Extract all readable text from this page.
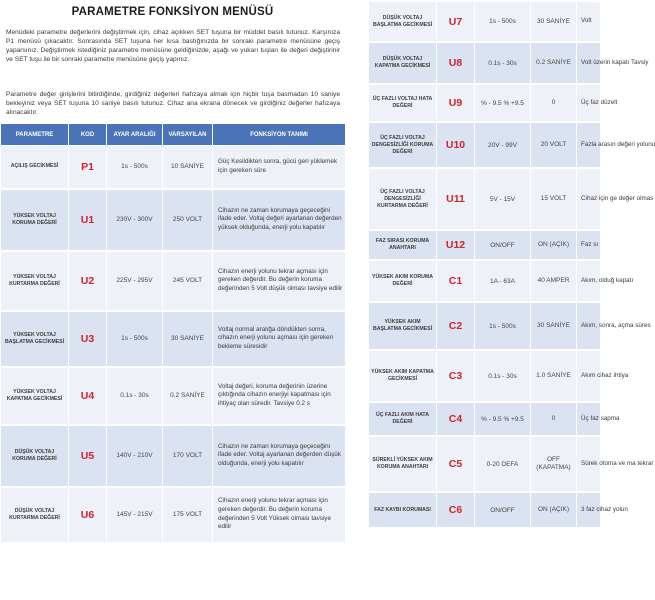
PARAMETRE FONKSİYON MENÜSÜ
Menüdeki parametre değerlerini değiştirmek için, cihaz açıkken SET tuşuna bir müddet basılı tutunuz. Karşınıza P1 menüsü çıkacaktır. Sonrasında SET tuşuna her kısa bastığınızda bir sonraki parametre menüsüne geçiş yaparsınız. Değiştirmek istediğiniz parametre menüsüne geldiğinizde, aşağı ve yukarı tuşları ile değeri değiştirinir ve SET tuşu ile bir sonraki parametre menüsüne geçiş yapınız.
Parametre değer girişlerini bitirdiğinde, girdiğiniz değerleri hafızaya almak için hiçbir tuşa basmadan 10 saniye bekleyiniz veya SET tuşuna 10 saniye basılı tutunuz. Cihaz ana ekrana dönecek ve girdiğiniz değerler hafızaya alınacaktır.
PARAMETRE	KOD	AYAR ARALIĞI	VARSAYILAN	FONKSİYON TANIMI
AÇILIŞ GECİKMESİ	P1	1s - 500s	10 SANİYE	Güç Kesildikten sonra, gücü geri yüklemek için gereken süre
YÜKSEK VOLTAJ KORUMA DEĞERİ	U1	230V - 300V	250 VOLT	Cihazın ne zaman korumaya geçeceğini ifade eder. Voltaj değeri ayarlanan değerden yüksek olduğunda, enerji yolu kapatılır
YÜKSEK VOLTAJ KURTARMA DEĞERİ	U2	225V - 295V	245 VOLT	Cihazın enerji yolunu tekrar açması için gereken değerdir. Bu değerin koruma değerinden 5 Volt düşük olması tavsiye edilir
YÜKSEK VOLTAJ BAŞLATMA GECİKMESİ	U3	1s - 500s	30 SANİYE	Voltaj normal aralığa döndükten sonra, cihazın enerji yolunu açması için gereken bekleme süresidir
YÜKSEK VOLTAJ KAPATMA GECİKMESİ	U4	0.1s - 30s	0.2 SANİYE	Voltaj değeri, koruma değerinin üzerine çıktığında cihazın enerjiyi kapatması için ihtiyaç olan süredir. Tavsiye 0.2 s
DÜŞÜK VOLTAJ KORUMA DEĞERİ	U5	140V - 210V	170 VOLT	Cihazın ne zaman korumaya geçeceğini ifade eder. Voltaj ayarlanan değerden düşük olduğunda, enerji yolu kapatılır
DÜŞÜK VOLTAJ KURTARMA DEĞERİ	U6	145V - 215V	175 VOLT	Cihazın enerji yolunu tekrar açması için gereken değerdir. Bu değerin koruma değerinden 5 Volt Yüksek olması tavsiye edilir
DÜŞÜK VOLTAJ BAŞLATMA GECİKMESİ	U7	1s - 500s	30 SANİYE	Volt
DÜŞÜK VOLTAJ KAPATMA GECİKMESİ	U8	0.1s - 30s	0.2 SANİYE	Volt üzerin kapatı Tavsiy
ÜÇ FAZLI VOLTAJ HATA DEĞERİ	U9	% - 9.5 % +9.5	0	Üç faz düzelt
ÜÇ FAZLI VOLTAJ DENGESİZLİĞİ KORUMA DEĞERİ	U10	20V - 99V	20 VOLT	Fazla arasın değeri yolunu
ÜÇ FAZLI VOLTAJ DENGESİZLİĞİ KURTARMA DEĞERİ	U11	5V - 15V	15 VOLT	Cihaz için ge değer olmas
FAZ SIRASI KORUMA ANAHTARI	U12	ON/OFF	ON (AÇIK)	Faz sı
YÜKSEK AKIM KORUMA DEĞERİ	C1	1A - 63A	40 AMPER	Akım, olduğ kapatı
YÜKSEK AKIM BAŞLATMA GECİKMESİ	C2	1s - 500s	30 SANİYE	Akım, sonra, açma süres
YÜKSEK AKIM KAPATMA GECİKMESİ	C3	0.1s - 30s	1.0 SANİYE	Akım cihaz ihtiya
ÜÇ FAZLI AKIM HATA DEĞERİ	C4	% - 9.5 % +9.5	0	Üç faz sapma
SÜREKLİ YÜKSEK AKIM KORUMA ANAHTARI	C5	0-20 DEFA	OFF (KAPATMA)	Sürek otoma ve ma tekrar
FAZ KAYBI KORUMASI	C6	ON/OFF	ON (AÇIK)	3 faz cihaz yolun
